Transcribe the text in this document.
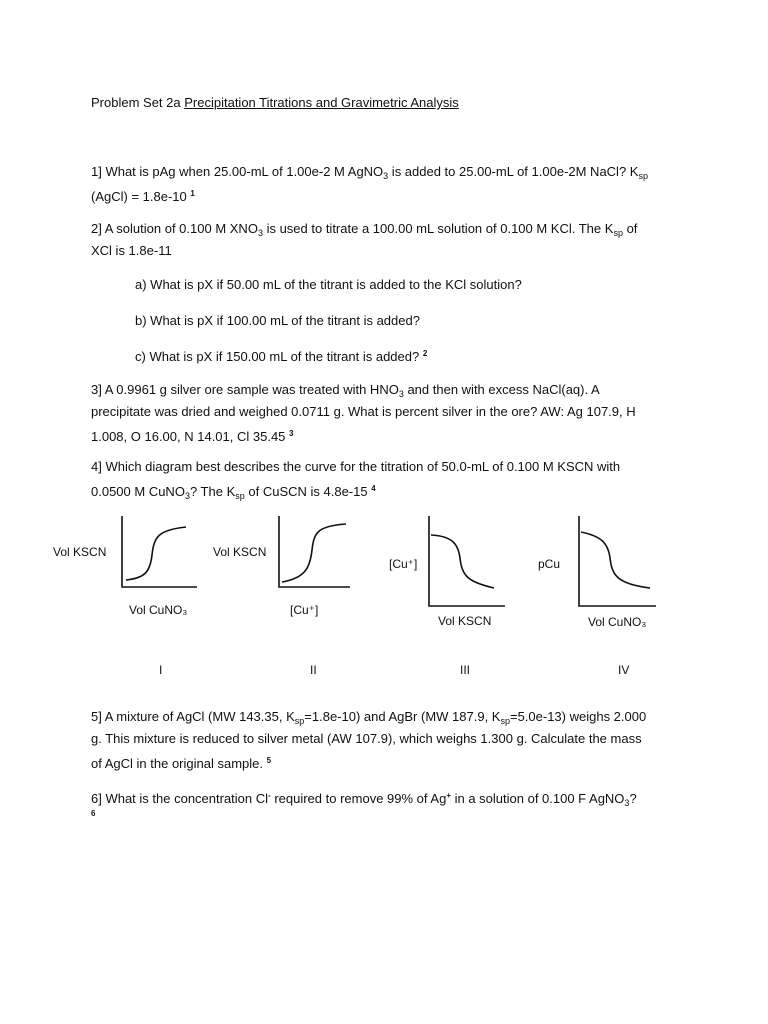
Problem Set 2a Precipitation Titrations and Gravimetric Analysis
1] What is pAg when 25.00-mL of 1.00e-2 M AgNO$_3$ is added to 25.00-mL of 1.00e-2M NaCl? $K_{sp}$
(AgCl) = 1.8e-10 $^1$
2] A solution of 0.100 M $XNO_3$ is used to titrate a 100.00 mL solution of 0.100 M KCl. The $K_{sp}$ of
XCl is 1.8e-11
a) What is pX if 50.00 mL of the titrant is added to the KCl solution?
b) What is pX if 100.00 mL of the titrant is added?
c) What is pX if 150.00 mL of the titrant is added? $^2$
3] A 0.9961 g silver ore sample was treated with $HNO_3$ and then with excess NaCl(aq). A
precipitate was dried and weighed 0.0711 g. What is percent silver in the ore? AW: Ag 107.9, H
1.008, O 16.00, N 14.01, Cl 35.45 $^3$
4] Which diagram best describes the curve for the titration of 50.0-mL of 0.100 M KSCN with
0.0500 M CuNO$_3$? The $K_{sp}$ of CuSCN is 4.8e-15 $^4$
Vol KSCN
Vol CuNO₃
Vol KSCN
[Cu⁺]
[Cu⁺]
Vol KSCN
pCu
Vol CuNO₃
I	II	III	IV
5] A mixture of AgCl (MW 143.35, $K_{sp}=1.8e-10$) and AgBr (MW 187.9, $K_{sp}=5.0e-13$) weighs 2.000
g. This mixture is reduced to silver metal (AW 107.9), which weighs 1.300 g. Calculate the mass
of AgCl in the original sample. $^5$
6] What is the concentration Cl- required to remove 99% of Ag+ in a solution of 0.100 F AgNO$_3$?
$^6$
